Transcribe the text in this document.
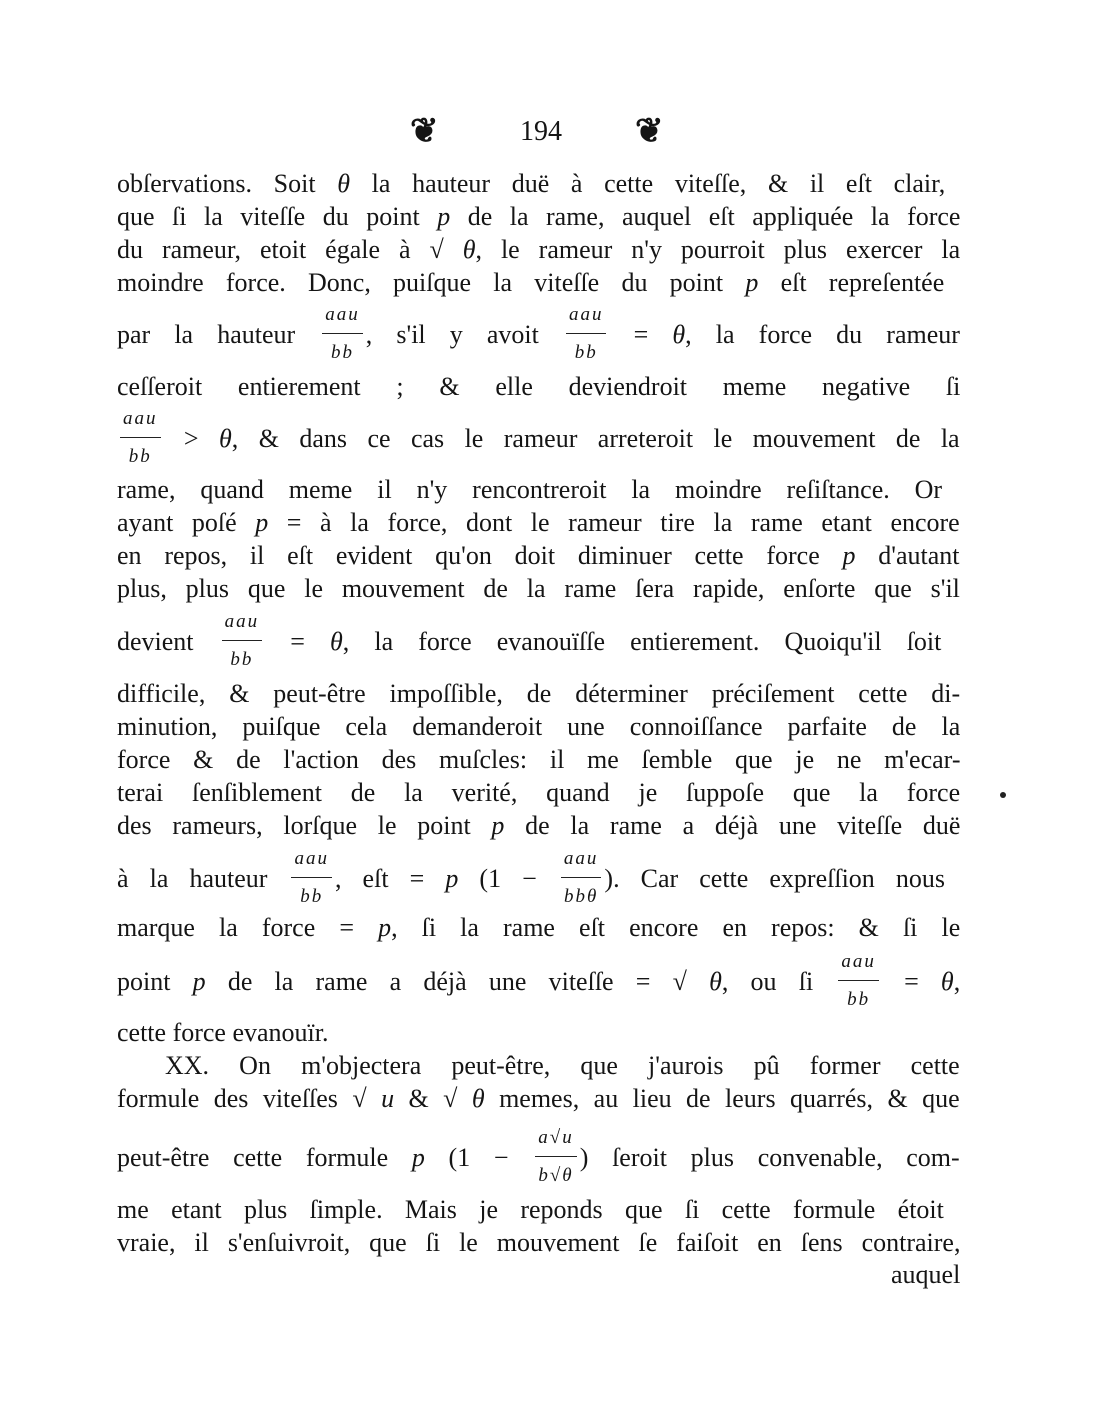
❦	194 ❦
obſervations. Soit θ la hauteur duë à cette viteſſe, & il eſt clair,
que ſi la viteſſe du point p de la rame, auquel eſt appliquée la force
du rameur, etoit égale à √ θ, le rameur n'y pourroit plus exercer la
moindre force. Donc, puiſque la viteſſe du point p eſt repreſentée
par la hauteur $\frac{\text{aau}}{bb}$ , s'il y avoit $\frac{\text{aau}}{bb} = \theta$, la force du rameur
ceſſeroit entierement ; & elle deviendroit meme negative ſi
$\frac{\text{aau}}{bb} > \theta$, & dans ce cas le rameur arreteroit le mouvement de la
rame, quand meme il n'y rencontreroit la moindre reſiſtance. Or
ayant poſé p = à la force, dont le rameur tire la rame etant encore
en repos, il eſt evident qu'on doit diminuer cette force p d'autant
plus, plus que le mouvement de la rame ſera rapide, enſorte que s'il
devient $\frac{\text{aau}}{bb} = \theta$, la force evanouïſſe entierement. Quoiqu'il ſoit
difficile, & peut-être impoſſible, de déterminer préciſement cette di-
minution, puiſque cela demanderoit une connoiſſance parfaite de la
force & de l'action des muſcles: il me ſemble que je ne m'ecar-
terai ſenſiblement de la verité, quand je ſuppoſe que la force
des rameurs, lorſque le point p de la rame a déjà une viteſſe duë
à la hauteur $\frac{\text{aau}}{bb}$ , eſt = p ($1 - \frac{\text{aau}}{\text{bbθ}}$ ). Car cette expreſſion nous
marque la force = p, ſi la rame eſt encore en repos: & ſi le
point p de la rame a déjà une viteſſe = √ θ, ou ſi $\frac{\text{aau}}{bb} = \theta$,
cette force evanouïr.
XX. On m'objectera peut-être, que j'aurois pû former cette
formule des viteſſes √ u & √ θ memes, au lieu de leurs quarrés, & que
peut-être cette formule p ($1 - \frac{a√u}{b√\theta}$ ) ſeroit plus convenable, com-
me etant plus ſimple. Mais je reponds que ſi cette formule étoit
vraie, il s'enſuivroit, que ſi le mouvement ſe faiſoit en ſens contraire,
auquel
